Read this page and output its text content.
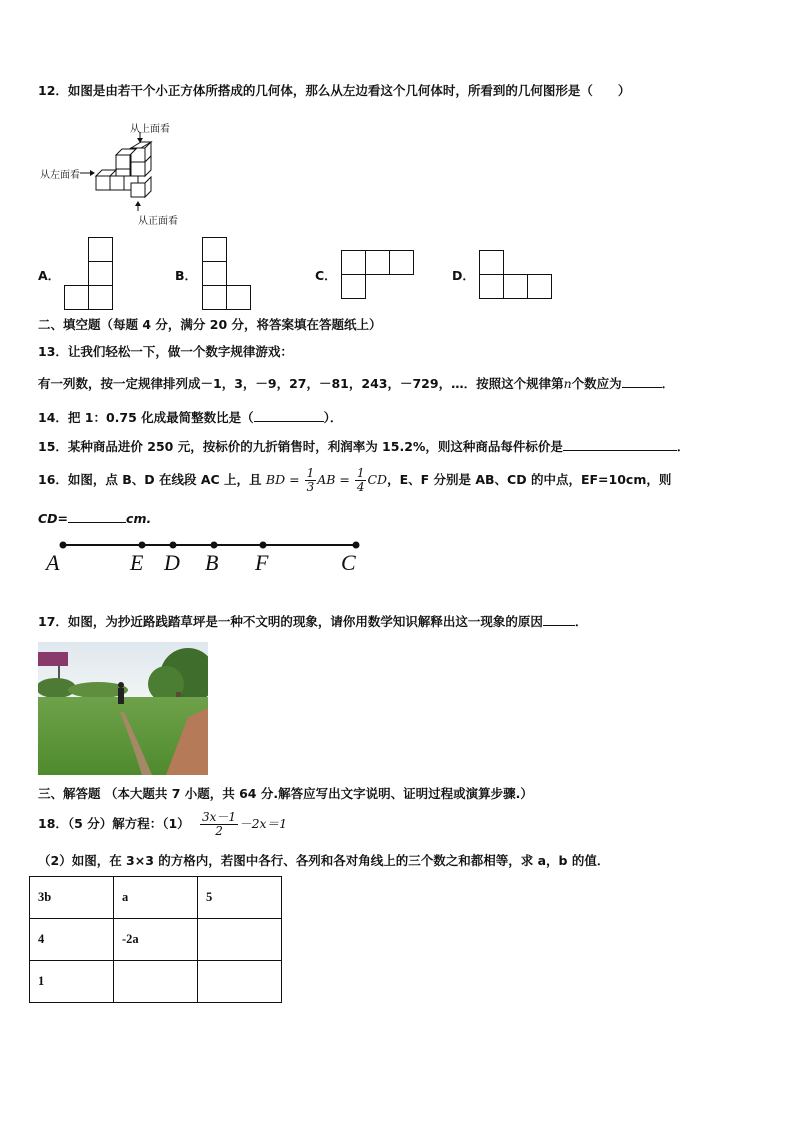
12．如图是由若干个小正方体所搭成的几何体，那么从左边看这个几何体时，所看到的几何图形是（　　）
从上面看
从左面看
从正面看
A．	B．	C．	D．
二、填空题（每题 4 分，满分 20 分，将答案填在答题纸上）
13．让我们轻松一下，做一个数字规律游戏：
有一列数，按一定规律排列成－1，3，－9，27，－81，243，－729，…．按照这个规律第n个数应为	．
14．把 1：0.75 化成最简整数比是（	）．
15．某种商品进价 250 元，按标价的九折销售时，利润率为 15.2%，则这种商品每件标价是	．
16．如图，点 B、D 在线段 AC 上，且 BD = $\frac{1}{3}$ AB = $\frac{1}{4}$ CD，E、F 分别是 AB、CD 的中点，EF=10cm，则
CD=	cm.
A	E D B F	C
17．如图，为抄近路践踏草坪是一种不文明的现象，请你用数学知识解释出这一现象的原因	．
三、解答题 （本大题共 7 小题，共 64 分.解答应写出文字说明、证明过程或演算步骤.）
18．（5 分）解方程：$(1) \frac{3x-1}{2} -2x=1$
（2）如图，在 3×3 的方格内，若图中各行、各列和各对角线上的三个数之和都相等，求 a，b 的值．
3b	a	5
4	-2a	
1		
